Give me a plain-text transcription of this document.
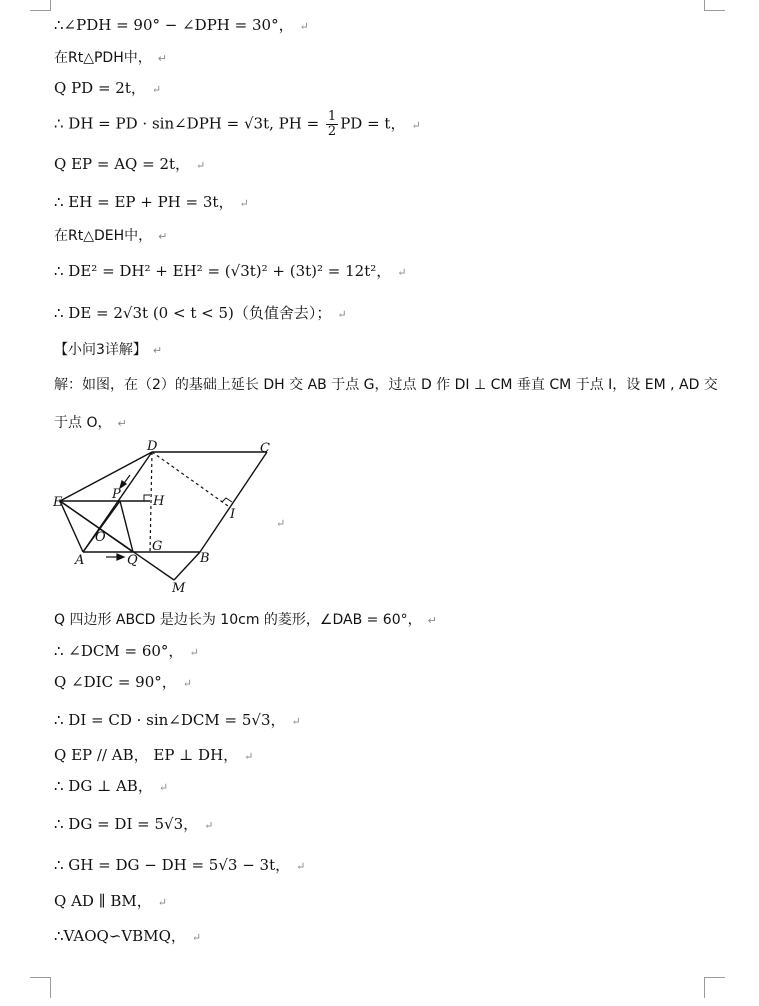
∴∠PDH = 90° − ∠DPH = 30°， ↵
在Rt△PDH中， ↵
Q PD = 2t， ↵
∴ DH = PD · sin∠DPH = √3t, PH = $\frac{1}{2}$ PD = t， ↵
Q EP = AQ = 2t， ↵
∴ EH = EP + PH = 3t， ↵
在Rt△DEH中， ↵
∴ DE² = DH² + EH² = (√3t)² + (3t)² = 12t²， ↵
∴ DE = 2√3t (0 < t < 5)（负值舍去）； ↵
【小问3详解】 ↵
解：如图，在（2）的基础上延长 DH 交 AB 于点 G，过点 D 作 DI ⊥ CM 垂直 CM 于点 I，设 EM , AD 交
于点 O， ↵
D	C
E
P H
I
O
G
A	Q	B
M
↵
Q 四边形 ABCD 是边长为 10cm 的菱形，∠DAB = 60°， ↵
∴ ∠DCM = 60°， ↵
Q ∠DIC = 90°， ↵
∴ DI = CD · sin∠DCM = 5√3， ↵
Q EP // AB， EP ⊥ DH， ↵
∴ DG ⊥ AB， ↵
∴ DG = DI = 5√3， ↵
∴ GH = DG − DH = 5√3 − 3t， ↵
Q AD ∥ BM， ↵
∴VAOQ∽VBMQ， ↵
